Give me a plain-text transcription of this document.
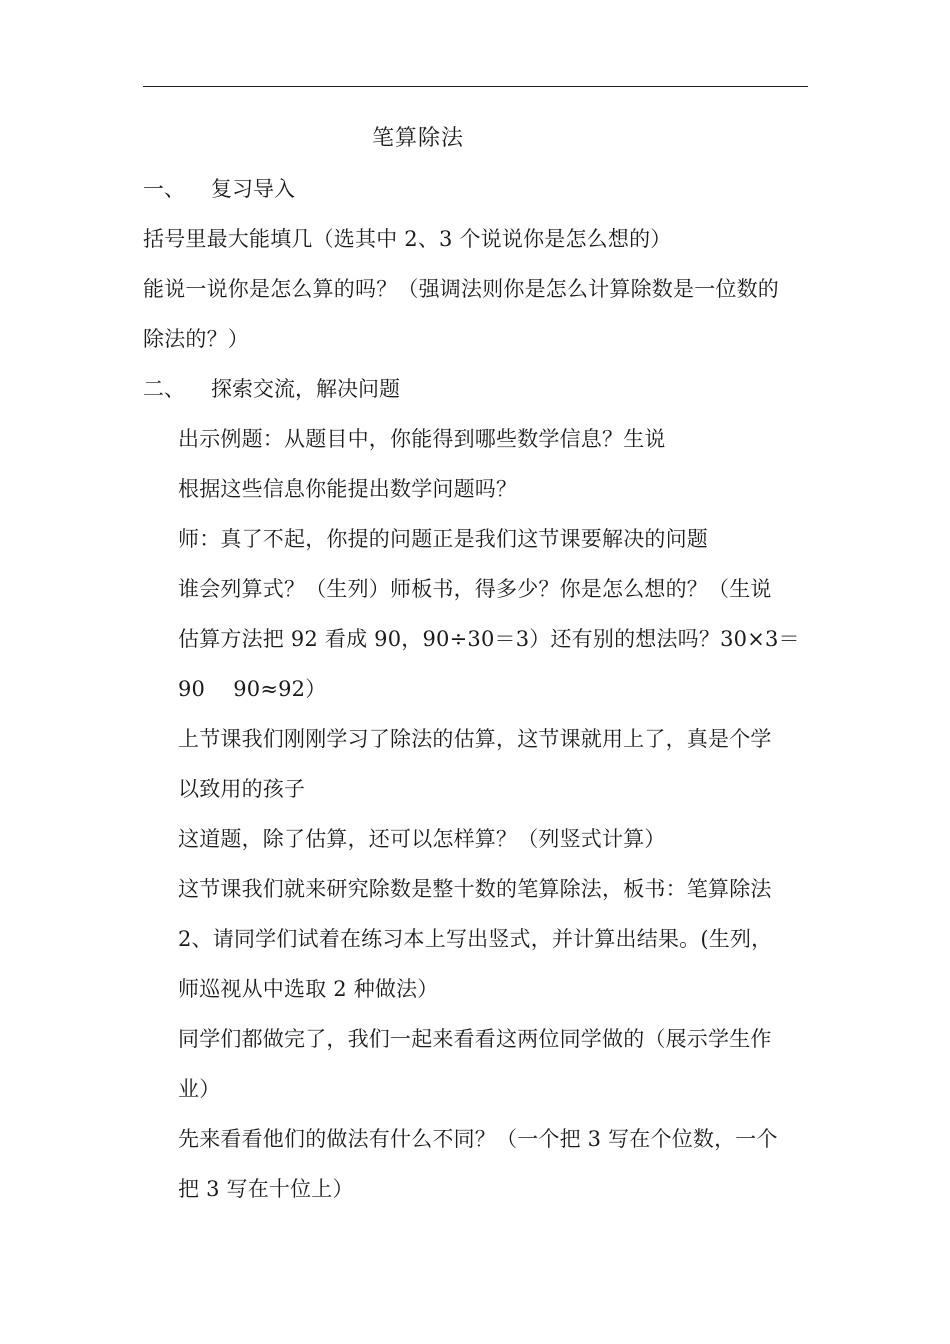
笔算除法
一、 复习导入
括号里最大能填几（选其中 2、3 个说说你是怎么想的）
能说一说你是怎么算的吗？（强调法则你是怎么计算除数是一位数的
除法的？）
二、 探索交流，解决问题
出示例题：从题目中，你能得到哪些数学信息？生说
根据这些信息你能提出数学问题吗？
师：真了不起，你提的问题正是我们这节课要解决的问题
谁会列算式？（生列）师板书，得多少？你是怎么想的？（生说
估算方法把 92 看成 90，90÷30＝3）还有别的想法吗？30×3＝
90　 90≈92）
上节课我们刚刚学习了除法的估算，这节课就用上了，真是个学
以致用的孩子
这道题，除了估算，还可以怎样算？（列竖式计算）
这节课我们就来研究除数是整十数的笔算除法，板书：笔算除法
2、请同学们试着在练习本上写出竖式，并计算出结果。(生列，
师巡视从中选取 2 种做法）
同学们都做完了，我们一起来看看这两位同学做的（展示学生作
业）
先来看看他们的做法有什么不同？（一个把 3 写在个位数，一个
把 3 写在十位上）
